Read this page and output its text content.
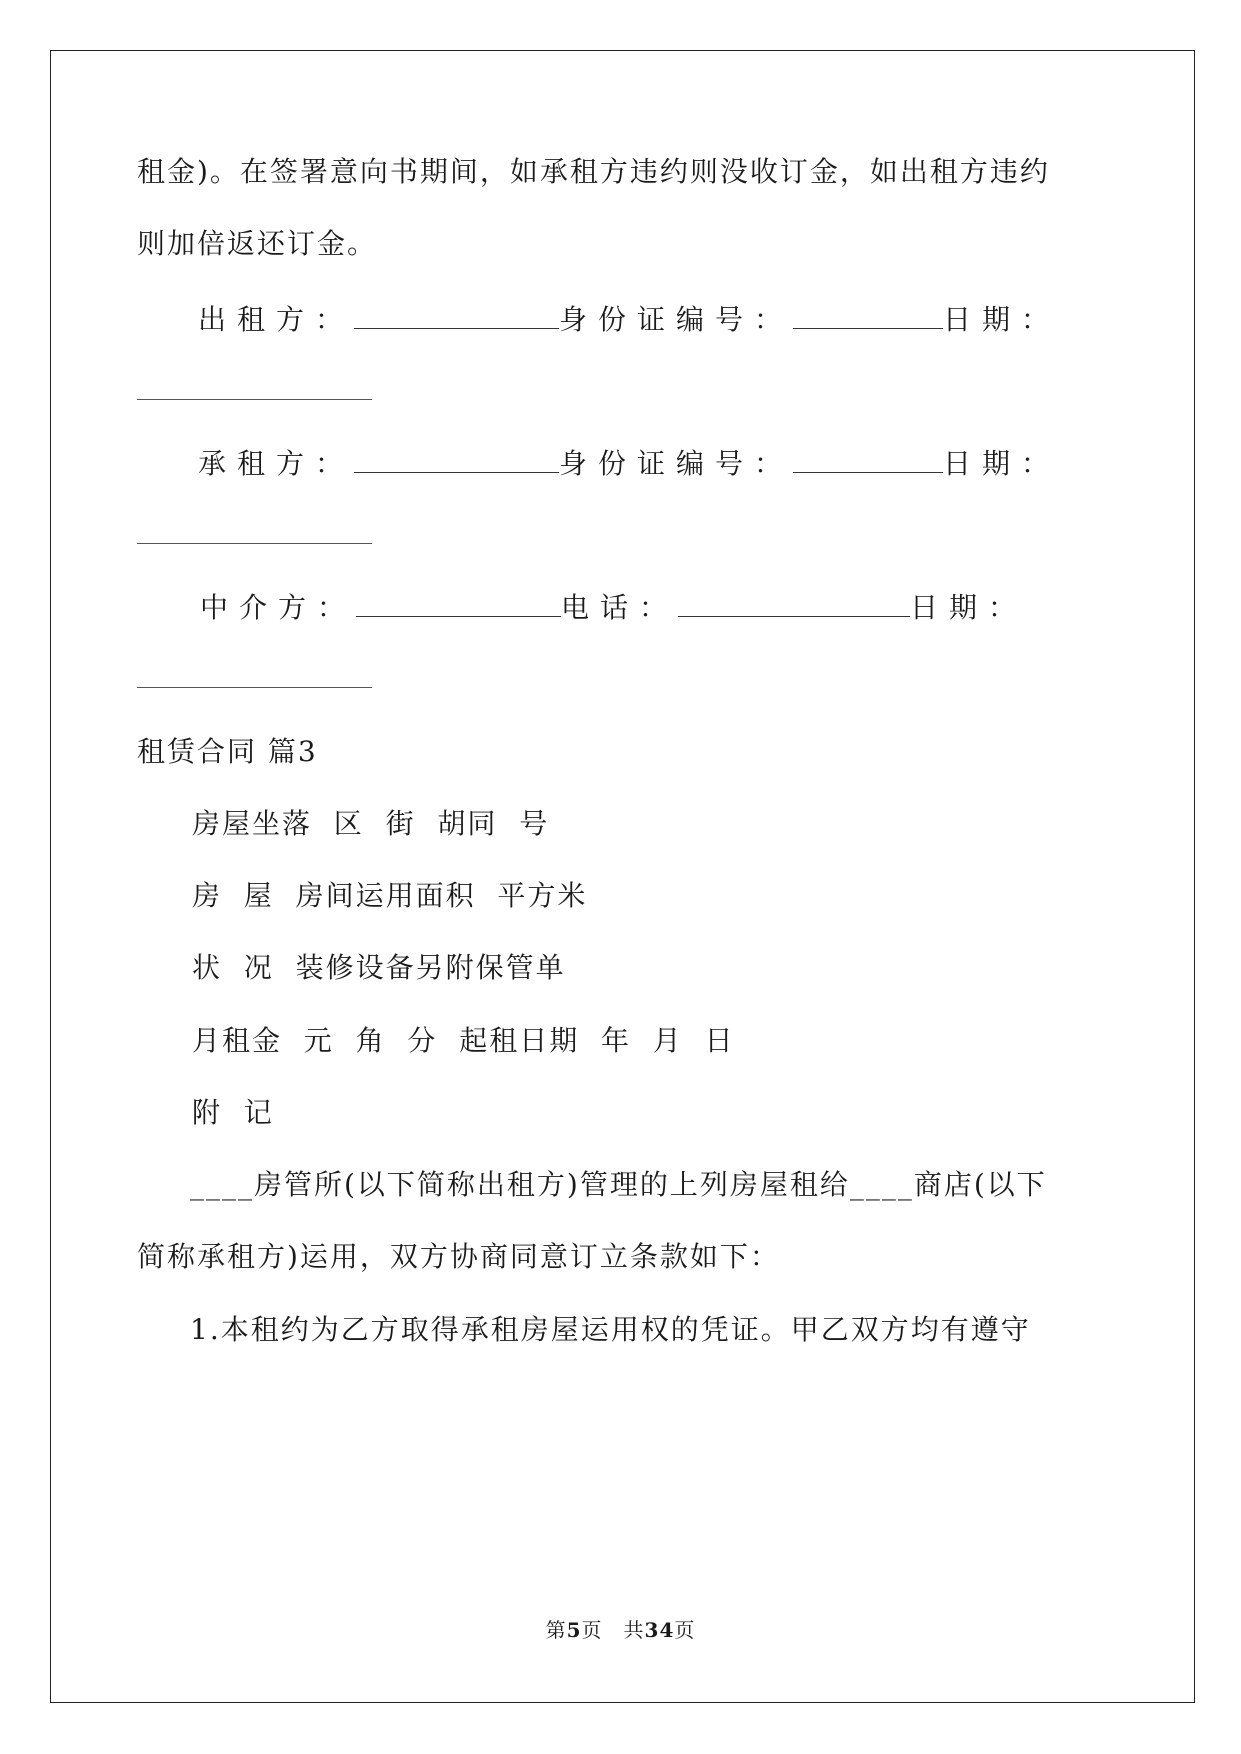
租金)。在签署意向书期间，如承租方违约则没收订金，如出租方违约
则加倍返还订金。
出租方：	身份证编号：	日期：
承租方：	身份证编号：	日期：
中介方：	电话：	日期：
租赁合同 篇3
房屋坐落  区  街  胡同  号
房  屋  房间运用面积  平方米
状  况  装修设备另附保管单
月租金  元  角  分  起租日期  年  月  日
附  记
____房管所(以下简称出租方)管理的上列房屋租给____商店(以下
简称承租方)运用，双方协商同意订立条款如下：
1.本租约为乙方取得承租房屋运用权的凭证。甲乙双方均有遵守
第5页　共34页
